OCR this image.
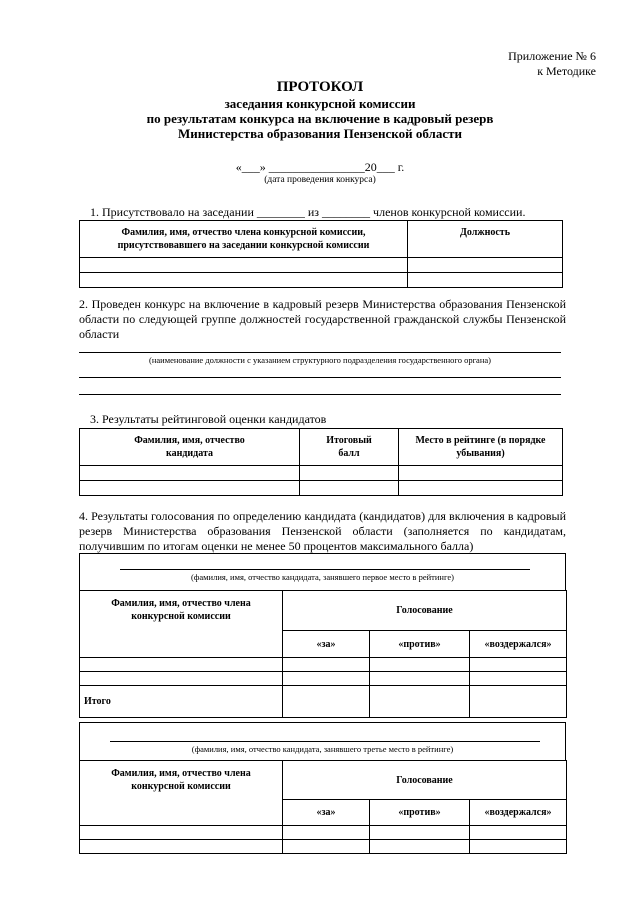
Приложение № 6
к Методике
ПРОТОКОЛ
заседания конкурсной комиссии
по результатам конкурса на включение в кадровый резерв
Министерства образования Пензенской области
«___» ________________20___ г.
(дата проведения конкурса)
1. Присутствовало на заседании ________ из ________ членов конкурсной комиссии.
Фамилия, имя, отчество члена конкурсной комиссии, присутствовавшего на заседании конкурсной комиссии	Должность

2. Проведен конкурс на включение в кадровый резерв Министерства образования Пензенской области по следующей группе должностей государственной гражданской службы Пензенской области
(наименование должности с указанием структурного подразделения государственного органа)
3. Результаты рейтинговой оценки кандидатов
Фамилия, имя, отчество кандидата	Итоговый балл	Место в рейтинге (в порядке убывания)

4. Результаты голосования по определению кандидата (кандидатов) для включения в кадровый резерв Министерства образования Пензенской области (заполняется по кандидатам, получившим по итогам оценки не менее 50 процентов максимального балла)
(фамилия, имя, отчество кандидата, занявшего первое место в рейтинге)
Фамилия, имя, отчество члена конкурсной комиссии	Голосование		
	«за»	«против»	«воздержался»

Итого			
(фамилия, имя, отчество кандидата, занявшего третье место в рейтинге)
Фамилия, имя, отчество члена конкурсной комиссии	Голосование		
	«за»	«против»	«воздержался»
